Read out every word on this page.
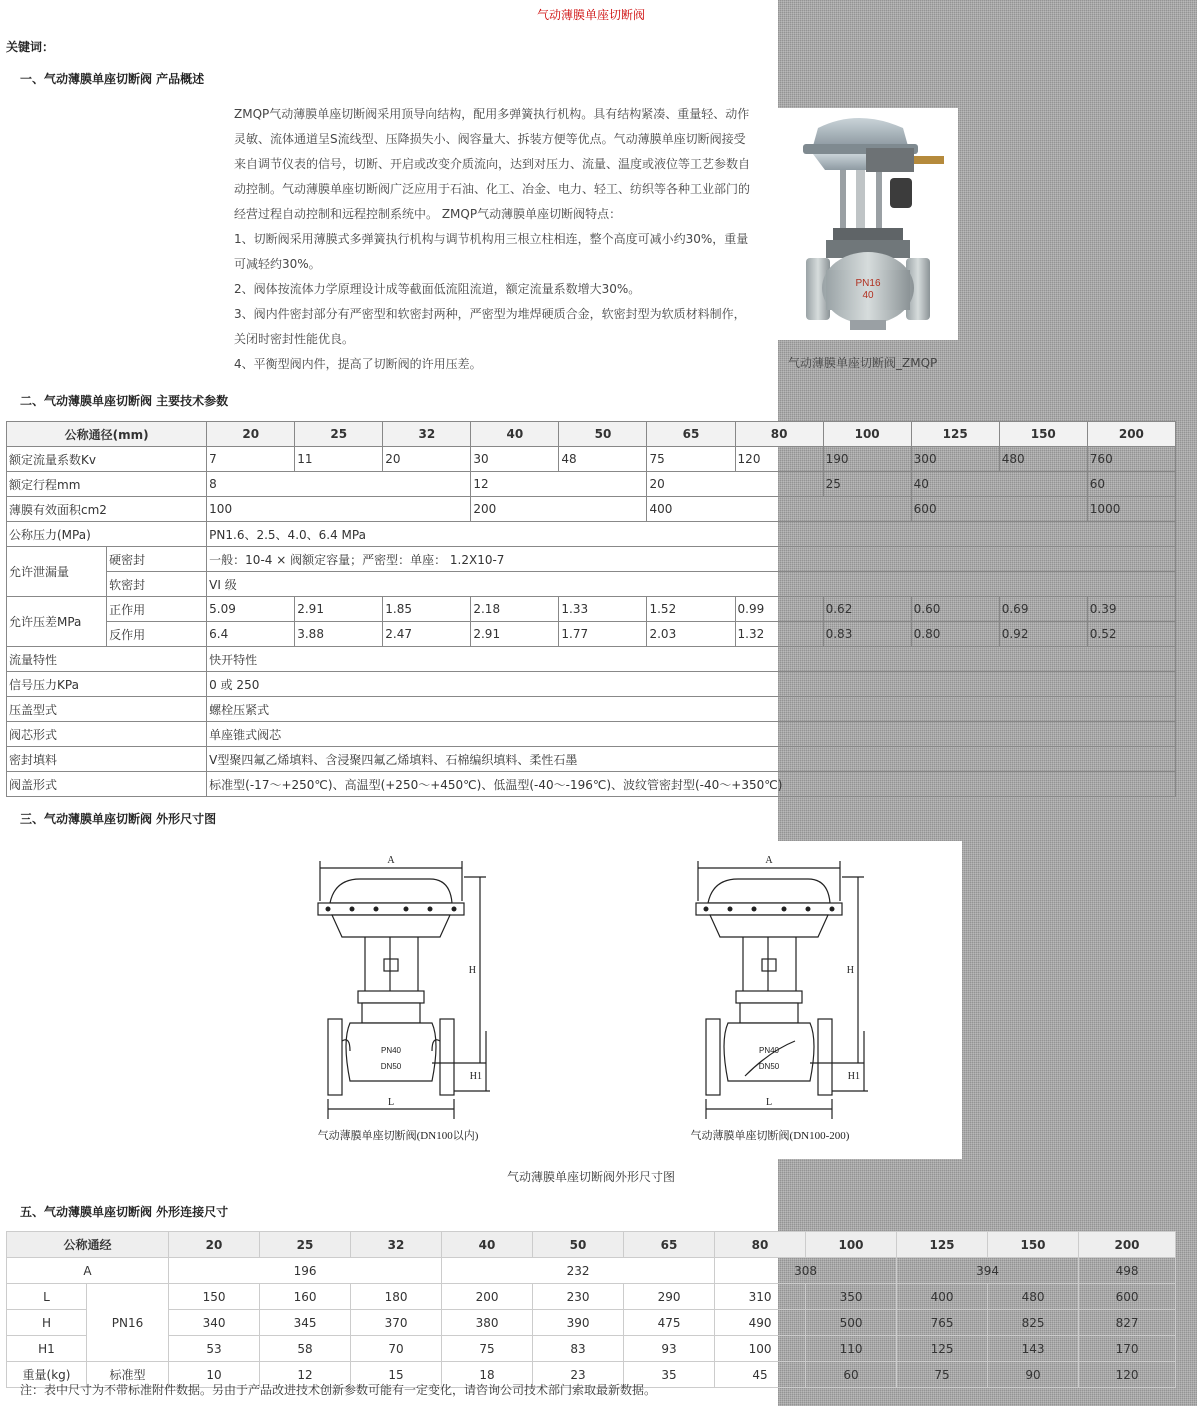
气动薄膜单座切断阀
关键词：
一、气动薄膜单座切断阀 产品概述

ZMQP气动薄膜单座切断阀采用顶导向结构，配用多弹簧执行机构。具有结构紧凑、重量轻、动作

灵敏、流体通道呈S流线型、压降损失小、阀容量大、拆装方便等优点。气动薄膜单座切断阀接受

来自调节仪表的信号，切断、开启或改变介质流向，达到对压力、流量、温度或液位等工艺参数自

动控制。气动薄膜单座切断阀广泛应用于石油、化工、冶金、电力、轻工、纺织等各种工业部门的

经营过程自动控制和远程控制系统中。 ZMQP气动薄膜单座切断阀特点：

1、切断阀采用薄膜式多弹簧执行机构与调节机构用三根立柱相连，整个高度可减小约30%，重量

可减轻约30%。

2、阀体按流体力学原理设计成等截面低流阻流道，额定流量系数增大30%。

3、阀内件密封部分有严密型和软密封两种，严密型为堆焊硬质合金，软密封型为软质材料制作，

关闭时密封性能优良。

4、平衡型阀内件，提高了切断阀的许用压差。

PN16
40
气动薄膜单座切断阀_ZMQP
二、气动薄膜单座切断阀 主要技术参数
公称通径(mm)		20	25	32	40	50	65	80	100	125	150	200
额定流量系数Kv		7	11	20	30	48	75	120	190	300	480	760
额定行程mm		8			12		20		25	40		60
薄膜有效面积cm2		100			200		400			600		1000
公称压力(MPa)		PN1.6、2.5、4.0、6.4 MPa										
允许泄漏量	硬密封	一般：10-4 × 阀额定容量；严密型：单座： 1.2X10-7										
	软密封	VI 级										
允许压差MPa	正作用	5.09	2.91	1.85	2.18	1.33	1.52	0.99	0.62	0.60	0.69	0.39
	反作用	6.4	3.88	2.47	2.91	1.77	2.03	1.32	0.83	0.80	0.92	0.52
流量特性		快开特性										
信号压力KPa		0 或 250										
压盖型式		螺栓压紧式										
阀芯形式		单座锥式阀芯										
密封填料		V型聚四氟乙烯填料、含浸聚四氟乙烯填料、石棉编织填料、柔性石墨										
阀盖形式		标准型(-17～+250℃)、高温型(+250～+450℃)、低温型(-40～-196℃)、波纹管密封型(-40～+350℃)										
三、气动薄膜单座切断阀 外形尺寸图
A
H
H1
L
PN40
DN50
A
H
H1
L
PN40
DN50
气动薄膜单座切断阀(DN100以内)	气动薄膜单座切断阀(DN100-200)
气动薄膜单座切断阀外形尺寸图
五、气动薄膜单座切断阀 外形连接尺寸
公称通经		20	25	32	40	50	65	80	100	125	150	200
A		196			232			308		394		498
L	PN16	150	160	180	200	230	290	310	350	400	480	600
H		340	345	370	380	390	475	490	500	765	825	827
H1		53	58	70	75	83	93	100	110	125	143	170
重量(kg)	标准型	10	12	15	18	23	35	45	60	75	90	120
注：表中尺寸为不带标准附件数据。另由于产品改进技术创新参数可能有一定变化，请咨询公司技术部门索取最新数据。
